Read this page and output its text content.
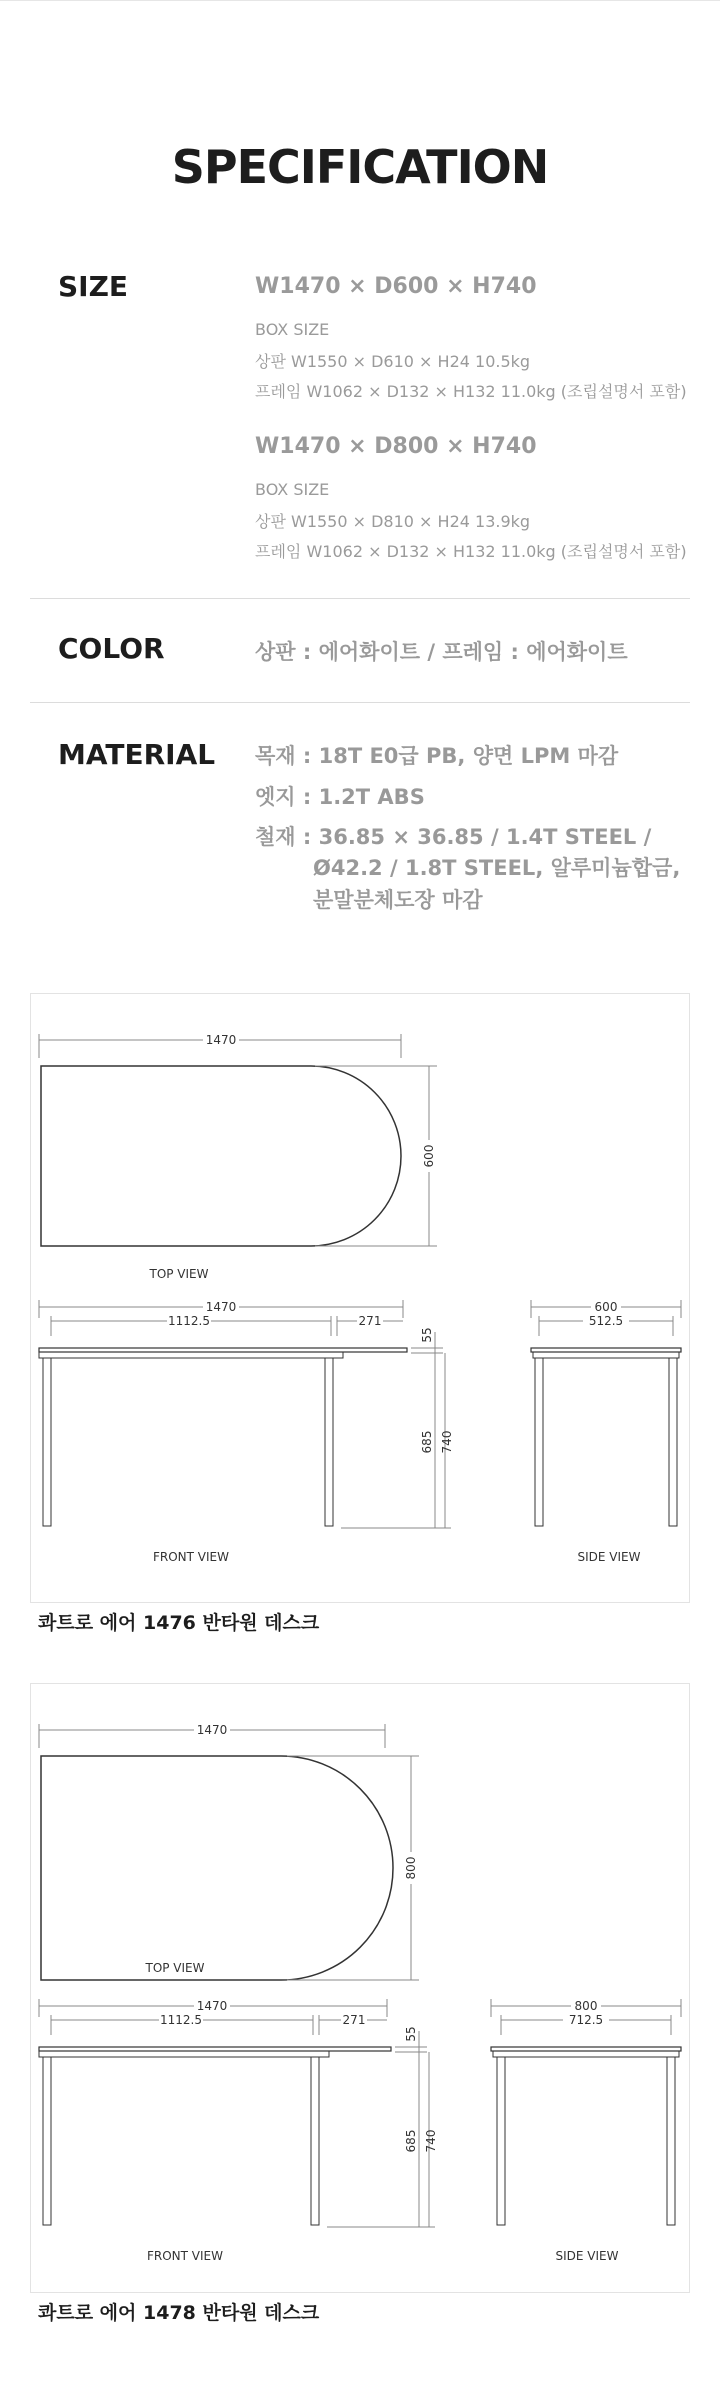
SPECIFICATION
SIZE	W1470 × D600 × H740
BOX SIZE
상판 W1550 × D610 × H24 10.5kg
프레임 W1062 × D132 × H132 11.0kg (조립설명서 포함)
W1470 × D800 × H740
BOX SIZE
상판 W1550 × D810 × H24 13.9kg
프레임 W1062 × D132 × H132 11.0kg (조립설명서 포함)
COLOR	상판 : 에어화이트 / 프레임 : 에어화이트
MATERIAL 목재 : 18T E0급 PB, 양면 LPM 마감
엣지 : 1.2T ABS
철재 : 36.85 × 36.85 / 1.4T STEEL /
Ø42.2 / 1.8T STEEL, 알루미늄합금,
분말분체도장 마감
1470
600
TOP VIEW
1470
1112.5	271
55
685 740
FRONT VIEW
600
512.5
SIDE VIEW
콰트로 에어 1476 반타원 데스크
1470
800
TOP VIEW
1470
1112.5	271
55
685 740
FRONT VIEW
800
712.5
SIDE VIEW
콰트로 에어 1478 반타원 데스크
